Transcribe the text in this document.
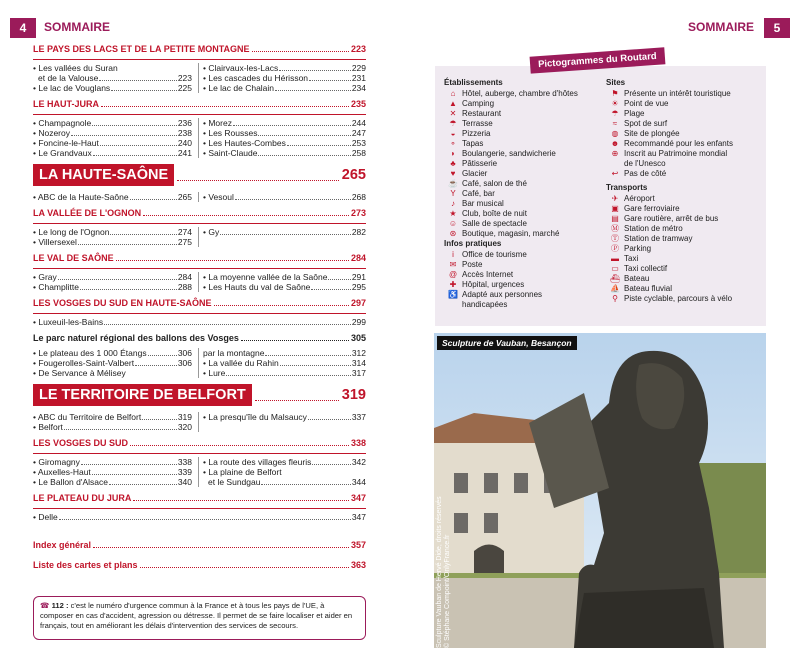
4	SOMMAIRE	SOMMAIRE	5
LE PAYS DES LACS ET DE LA PETITE MONTAGNE	223
• Les vallées du Suran
et de la Valouse	223
• Le lac de Vouglans	225
• Clairvaux-les-Lacs	229
• Les cascades du Hérisson	231
• Le lac de Chalain	234
LE HAUT-JURA	235
• Champagnole	236
• Nozeroy	238
• Foncine-le-Haut	240
• Le Grandvaux	241
• Morez	244
• Les Rousses	247
• Les Hautes-Combes	253
• Saint-Claude	258
LA HAUTE-SAÔNE	265
• ABC de la Haute-Saône	265 • Vesoul	268
LA VALLÉE DE L'OGNON	273
• Le long de l'Ognon	274
• Villersexel	275
• Gy	282
LE VAL DE SAÔNE	284
• Gray	284
• Champlitte	288
• La moyenne vallée de la Saône	291
• Les Hauts du val de Saône	295
LES VOSGES DU SUD EN HAUTE-SAÔNE	297
• Luxeuil-les-Bains	299
Le parc naturel régional des ballons des Vosges	305
• Le plateau des 1 000 Étangs	306
• Fougerolles-Saint-Valbert	306
• De Servance à Mélisey
par la montagne	312
• La vallée du Rahin	314
• Lure	317
LE TERRITOIRE DE BELFORT	319
• ABC du Territoire de Belfort	319
• Belfort	320
• La presqu'île du Malsaucy	337
LES VOSGES DU SUD	338
• Giromagny	338
• Auxelles-Haut	339
• Le Ballon d'Alsace	340
• La route des villages fleuris	342
• La plaine de Belfort
et le Sundgau	344
LE PLATEAU DU JURA	347
• Delle	347
Index général	357
Liste des cartes et plans	363
☎ 112 : c'est le numéro d'urgence commun à la France et à tous les pays de l'UE, à composer en cas d'accident, agression ou détresse. Il permet de se faire localiser et aider en français, tout en améliorant les délais d'intervention des services de secours.
Pictogrammes du Routard
Établissements
⌂ Hôtel, auberge, chambre d'hôtes
▲ Camping
✕ Restaurant
☂ Terrasse
◒ Pizzeria
⚬ Tapas
◗ Boulangerie, sandwicherie
♣ Pâtisserie
♥ Glacier
☕ Café, salon de thé
Y Café, bar
♪ Bar musical
★ Club, boîte de nuit
☺ Salle de spectacle
⊛ Boutique, magasin, marché
Infos pratiques
i	Office de tourisme
✉ Poste
@ Accès Internet
✚ Hôpital, urgences
♿ Adapté aux personnes
handicapées
Sites
⚑ Présente un intérêt touristique
☀ Point de vue
☂ Plage
≈ Spot de surf
◍ Site de plongée
☻ Recommandé pour les enfants
⊕ Inscrit au Patrimoine mondial
de l'Unesco
↩ Pas de côté
Transports
✈ Aéroport
▣ Gare ferroviaire
▤ Gare routière, arrêt de bus
Ⓜ Station de métro
Ⓣ Station de tramway
Ⓟ Parking
▬ Taxi
▭ Taxi collectif
⛴ Bateau
⛵ Bateau fluvial
⚲ Piste cyclable, parcours à vélo
Sculpture de Vauban, Besançon
Sculpture Vauban de Hervé Dide, droits réservés © Stéphane Compoint/OnlyFrance.fr
